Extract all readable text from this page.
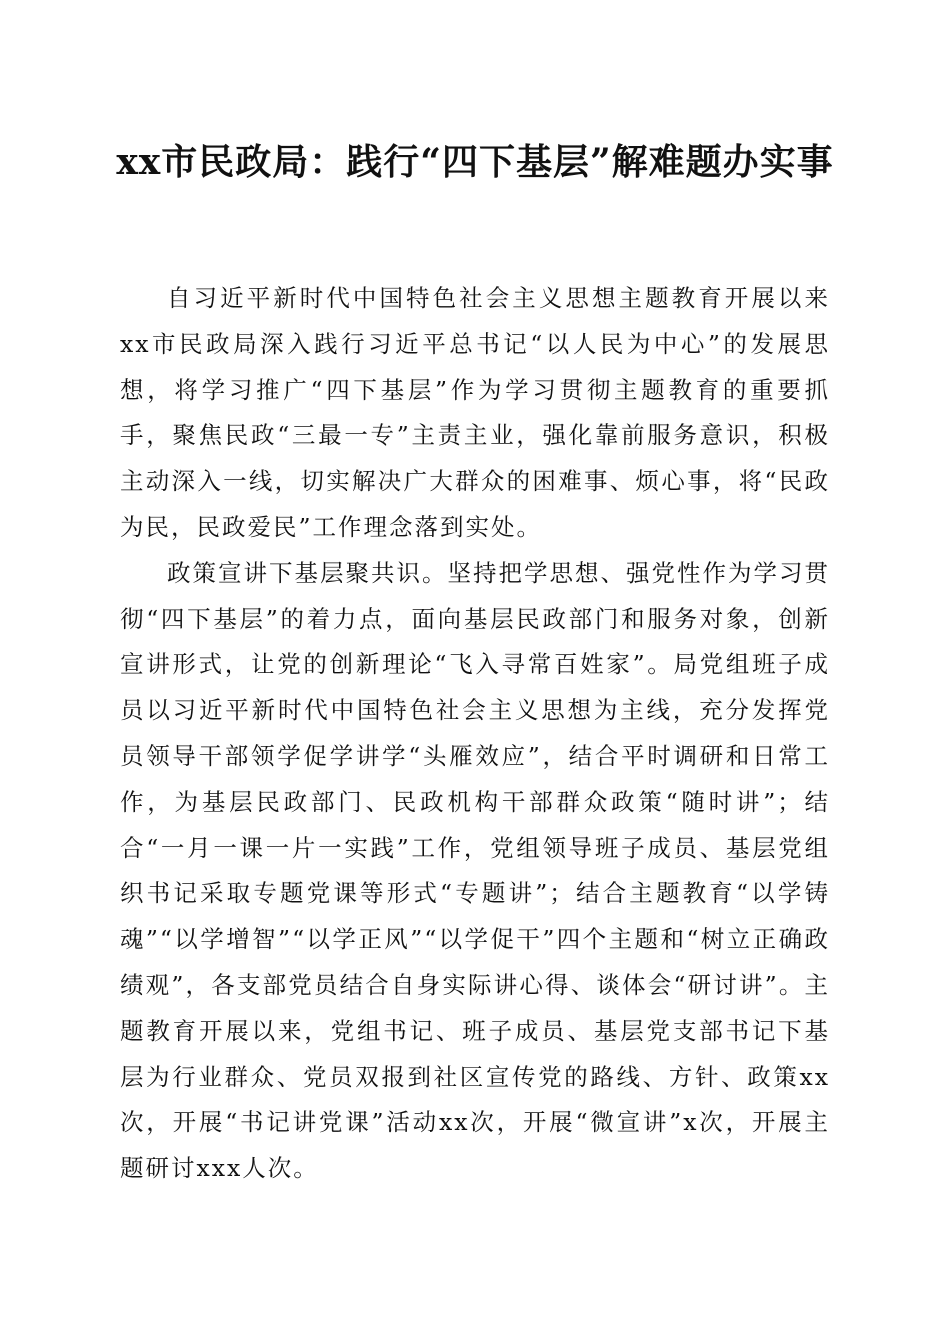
xx市民政局：践行“四下基层”解难题办实事

自习近平新时代中国特色社会主义思想主题教育开展以来xx市民政局深入践行习近平总书记“以人民为中心”的发展思想，将学习推广“四下基层”作为学习贯彻主题教育的重要抓手，聚焦民政“三最一专”主责主业，强化靠前服务意识，积极主动深入一线，切实解决广大群众的困难事、烦心事，将“民政为民，民政爱民”工作理念落到实处。

政策宣讲下基层聚共识。坚持把学思想、强党性作为学习贯彻“四下基层”的着力点，面向基层民政部门和服务对象，创新宣讲形式，让党的创新理论“飞入寻常百姓家”。局党组班子成员以习近平新时代中国特色社会主义思想为主线，充分发挥党员领导干部领学促学讲学“头雁效应”，结合平时调研和日常工作，为基层民政部门、民政机构干部群众政策“随时讲”；结合“一月一课一片一实践”工作，党组领导班子成员、基层党组织书记采取专题党课等形式“专题讲”；结合主题教育“以学铸魂”“以学增智”“以学正风”“以学促干”四个主题和“树立正确政绩观”，各支部党员结合自身实际讲心得、谈体会“研讨讲”。主题教育开展以来，党组书记、班子成员、基层党支部书记下基层为行业群众、党员双报到社区宣传党的路线、方针、政策xx次，开展“书记讲党课”活动xx次，开展“微宣讲”x次，开展主题研讨xxx人次。
